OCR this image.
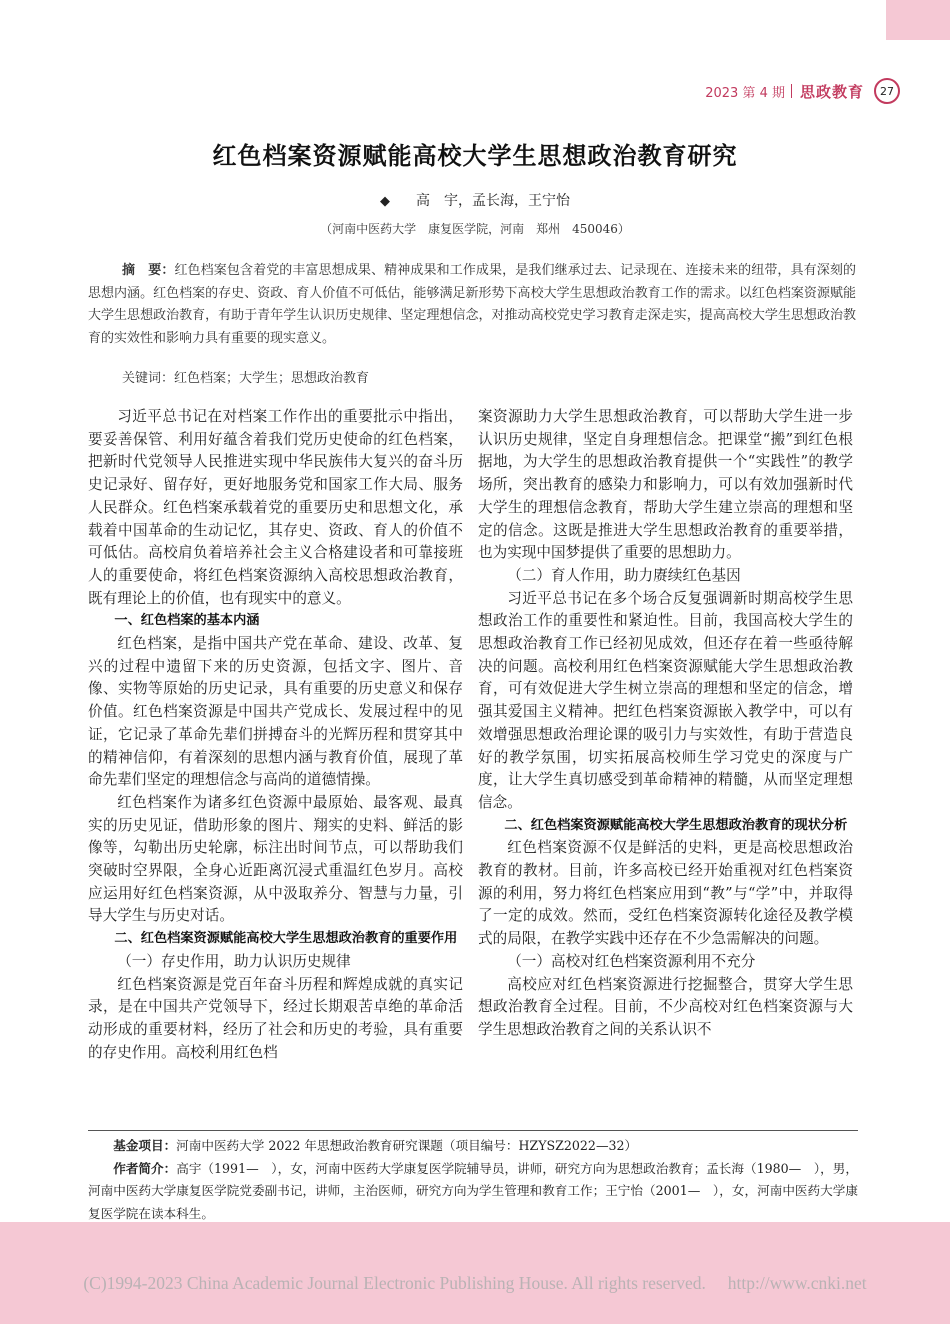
2023 第 4 期 思政教育	27
红色档案资源赋能高校大学生思想政治教育研究
◆ 高　宇，孟长海，王宁怡
（河南中医药大学　康复医学院，河南　郑州　450046）
摘　要：红色档案包含着党的丰富思想成果、精神成果和工作成果，是我们继承过去、记录现在、连接未来的纽带，具有深刻的思想内涵。红色档案的存史、资政、育人价值不可低估，能够满足新形势下高校大学生思想政治教育工作的需求。以红色档案资源赋能大学生思想政治教育，有助于青年学生认识历史规律、坚定理想信念，对推动高校党史学习教育走深走实，提高高校大学生思想政治教育的实效性和影响力具有重要的现实意义。
关键词：红色档案；大学生；思想政治教育

习近平总书记在对档案工作作出的重要批示中指出，要妥善保管、利用好蕴含着我们党历史使命的红色档案，把新时代党领导人民推进实现中华民族伟大复兴的奋斗历史记录好、留存好，更好地服务党和国家工作大局、服务人民群众。红色档案承载着党的重要历史和思想文化，承载着中国革命的生动记忆，其存史、资政、育人的价值不可低估。高校肩负着培养社会主义合格建设者和可靠接班人的重要使命，将红色档案资源纳入高校思想政治教育，既有理论上的价值，也有现实中的意义。

一、红色档案的基本内涵

红色档案，是指中国共产党在革命、建设、改革、复兴的过程中遗留下来的历史资源，包括文字、图片、音像、实物等原始的历史记录，具有重要的历史意义和保存价值。红色档案资源是中国共产党成长、发展过程中的见证，它记录了革命先辈们拼搏奋斗的光辉历程和贯穿其中的精神信仰，有着深刻的思想内涵与教育价值，展现了革命先辈们坚定的理想信念与高尚的道德情操。

红色档案作为诸多红色资源中最原始、最客观、最真实的历史见证，借助形象的图片、翔实的史料、鲜活的影像等，勾勒出历史轮廓，标注出时间节点，可以帮助我们突破时空界限，全身心近距离沉浸式重温红色岁月。高校应运用好红色档案资源，从中汲取养分、智慧与力量，引导大学生与历史对话。

二、红色档案资源赋能高校大学生思想政治教育的重要作用

（一）存史作用，助力认识历史规律

红色档案资源是党百年奋斗历程和辉煌成就的真实记录，是在中国共产党领导下，经过长期艰苦卓绝的革命活动形成的重要材料，经历了社会和历史的考验，具有重要的存史作用。高校利用红色档

案资源助力大学生思想政治教育，可以帮助大学生进一步认识历史规律，坚定自身理想信念。把课堂“搬”到红色根据地，为大学生的思想政治教育提供一个“实践性”的教学场所，突出教育的感染力和影响力，可以有效加强新时代大学生的理想信念教育，帮助大学生建立崇高的理想和坚定的信念。这既是推进大学生思想政治教育的重要举措，也为实现中国梦提供了重要的思想助力。

（二）育人作用，助力赓续红色基因

习近平总书记在多个场合反复强调新时期高校学生思想政治工作的重要性和紧迫性。目前，我国高校大学生的思想政治教育工作已经初见成效，但还存在着一些亟待解决的问题。高校利用红色档案资源赋能大学生思想政治教育，可有效促进大学生树立崇高的理想和坚定的信念，增强其爱国主义精神。把红色档案资源嵌入教学中，可以有效增强思想政治理论课的吸引力与实效性，有助于营造良好的教学氛围，切实拓展高校师生学习党史的深度与广度，让大学生真切感受到革命精神的精髓，从而坚定理想信念。

二、红色档案资源赋能高校大学生思想政治教育的现状分析

红色档案资源不仅是鲜活的史料，更是高校思想政治教育的教材。目前，许多高校已经开始重视对红色档案资源的利用，努力将红色档案应用到“教”与“学”中，并取得了一定的成效。然而，受红色档案资源转化途径及教学模式的局限，在教学实践中还存在不少急需解决的问题。

（一）高校对红色档案资源利用不充分

高校应对红色档案资源进行挖掘整合，贯穿大学生思想政治教育全过程。目前，不少高校对红色档案资源与大学生思想政治教育之间的关系认识不

基金项目：河南中医药大学 2022 年思想政治教育研究课题（项目编号：HZYSZ2022—32）

作者简介：高宇（1991—　），女，河南中医药大学康复医学院辅导员，讲师，研究方向为思想政治教育；孟长海（1980—　），男，河南中医药大学康复医学院党委副书记，讲师，主治医师，研究方向为学生管理和教育工作；王宁怡（2001—　），女，河南中医药大学康复医学院在读本科生。

(C)1994-2023 China Academic Journal Electronic Publishing House. All rights reserved.　 http://www.cnki.net
